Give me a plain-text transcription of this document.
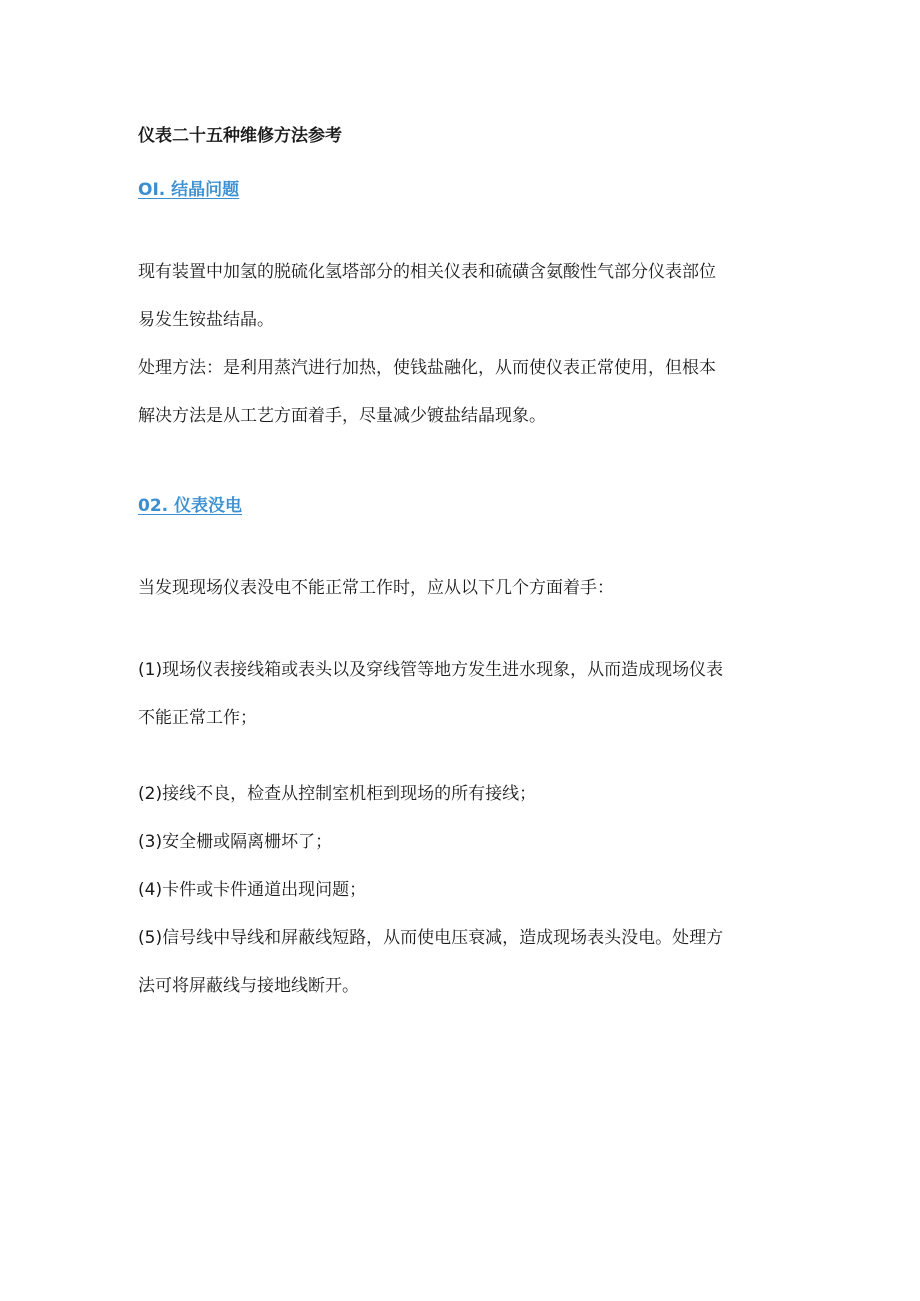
仪表二十五种维修方法参考
OI. 结晶问题
现有装置中加氢的脱硫化氢塔部分的相关仪表和硫磺含氨酸性气部分仪表部位
易发生铵盐结晶。
处理方法：是利用蒸汽进行加热，使钱盐融化，从而使仪表正常使用，但根本
解决方法是从工艺方面着手，尽量减少镀盐结晶现象。
02. 仪表没电
当发现现场仪表没电不能正常工作时，应从以下几个方面着手：
(1)现场仪表接线箱或表头以及穿线管等地方发生进水现象，从而造成现场仪表
不能正常工作；
(2)接线不良，检查从控制室机柜到现场的所有接线；
(3)安全栅或隔离栅坏了；
(4)卡件或卡件通道出现问题；
(5)信号线中导线和屏蔽线短路，从而使电压衰减，造成现场表头没电。处理方
法可将屏蔽线与接地线断开。
